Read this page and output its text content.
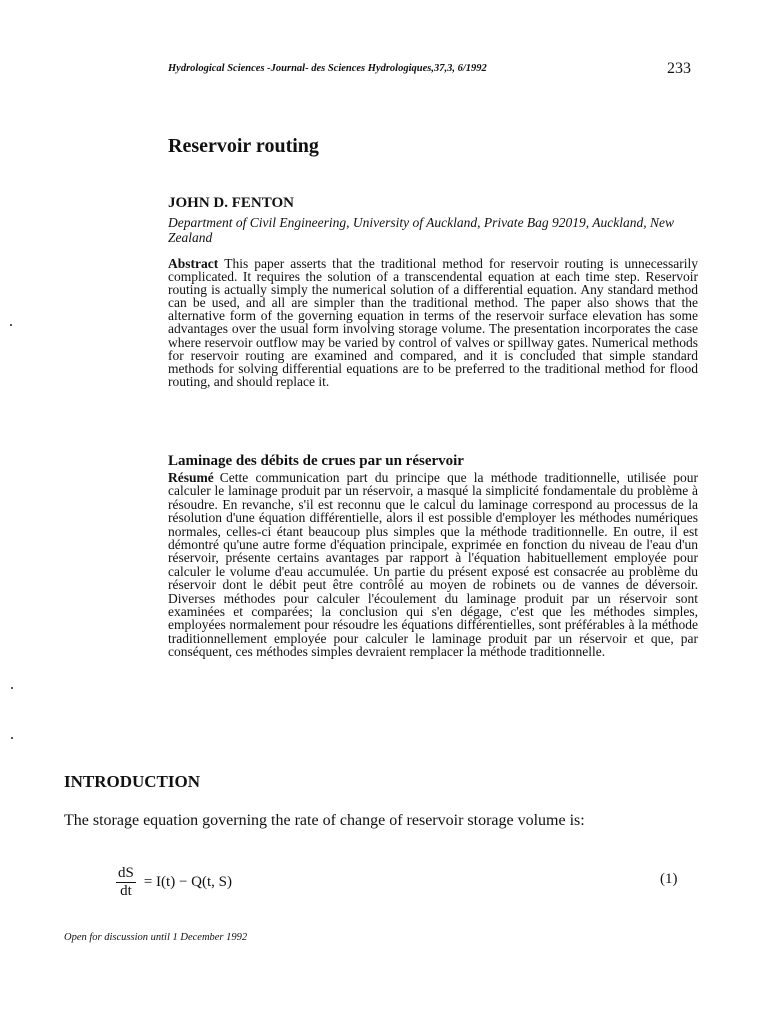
Hydrological Sciences -Journal- des Sciences Hydrologiques,37,3, 6/1992	233
Reservoir routing
JOHN D. FENTON
Department of Civil Engineering, University of Auckland, Private Bag 92019, Auckland, New Zealand

Abstract This paper asserts that the traditional method for reservoir routing is unnecessarily complicated. It requires the solution of a transcendental equation at each time step. Reservoir routing is actually simply the numerical solution of a differential equation. Any standard method can be used, and all are simpler than the traditional method. The paper also shows that the alternative form of the governing equation in terms of the reservoir surface elevation has some advantages over the usual form involving storage volume. The presentation incorporates the case where reservoir outflow may be varied by control of valves or spillway gates. Numerical methods for reservoir routing are examined and compared, and it is concluded that simple standard methods for solving differential equations are to be preferred to the traditional method for flood routing, and should replace it.

Laminage des débits de crues par un réservoir

Résumé Cette communication part du principe que la méthode traditionnelle, utilisée pour calculer le laminage produit par un réservoir, a masqué la simplicité fondamentale du problème à résoudre. En revanche, s'il est reconnu que le calcul du laminage correspond au processus de la résolution d'une équation différentielle, alors il est possible d'employer les méthodes numériques normales, celles-ci étant beaucoup plus simples que la méthode traditionnelle. En outre, il est démontré qu'une autre forme d'équation principale, exprimée en fonction du niveau de l'eau d'un réservoir, présente certains avantages par rapport à l'équation habituellement employée pour calculer le volume d'eau accumulée. Un partie du présent exposé est consacrée au problème du réservoir dont le débit peut être contrôlé au moyen de robinets ou de vannes de déversoir. Diverses méthodes pour calculer l'écoulement du laminage produit par un réservoir sont examinées et comparées; la conclusion qui s'en dégage, c'est que les méthodes simples, employées normalement pour résoudre les équations différentielles, sont préférables à la méthode traditionnellement employée pour calculer le laminage produit par un réservoir et que, par conséquent, ces méthodes simples devraient remplacer la méthode traditionnelle.

INTRODUCTION

The storage equation governing the rate of change of reservoir storage volume is:

$\frac{dS}{dt} = I(t) - Q(t$, S)	(1)
Open for discussion until 1 December 1992
